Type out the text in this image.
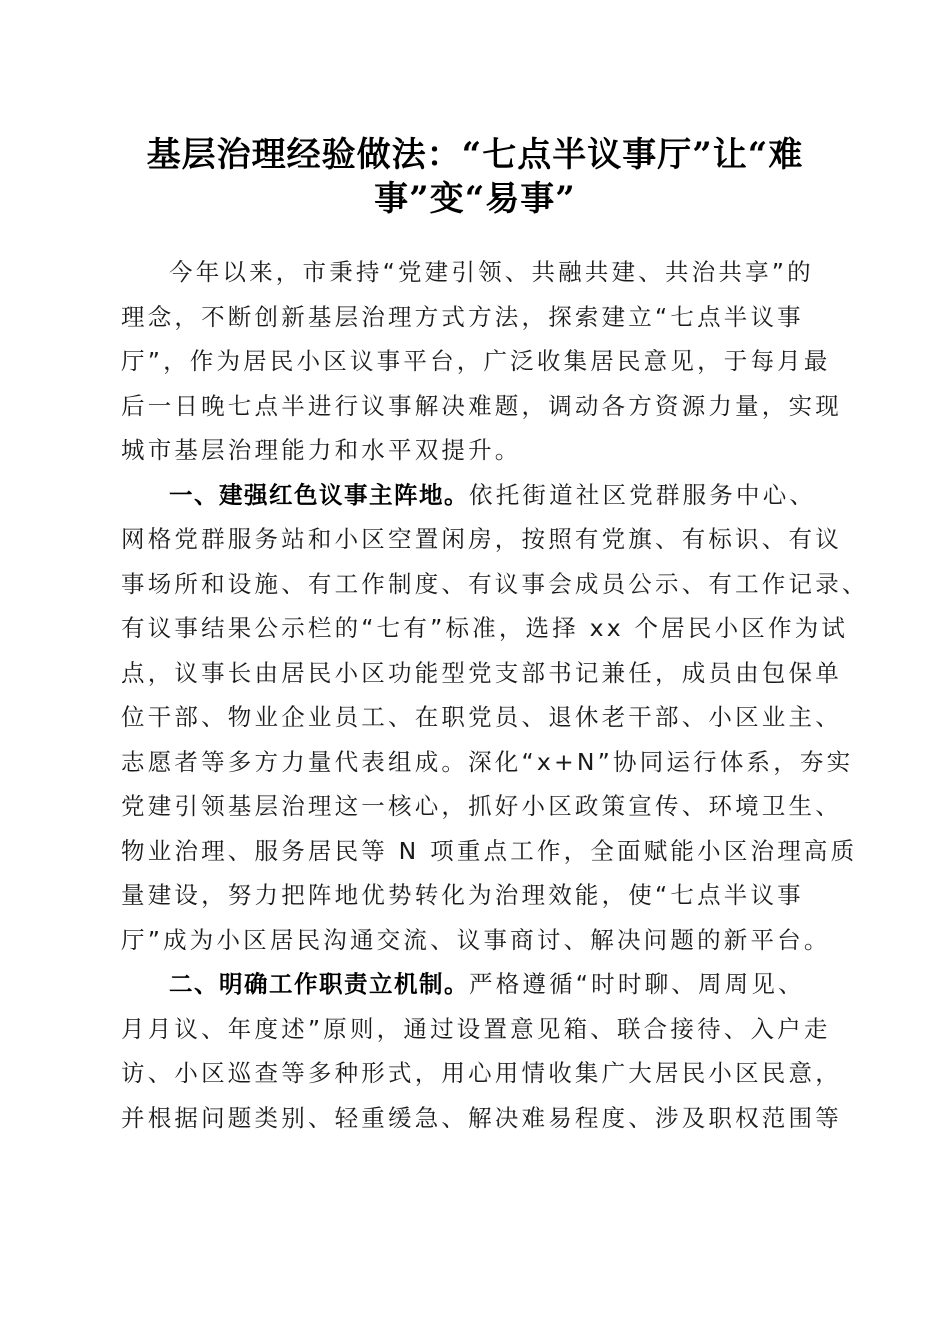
基层治理经验做法：“七点半议事厅”让“难
事”变“易事”
今年以来，市秉持“党建引领、共融共建、共治共享”的
理念，不断创新基层治理方式方法，探索建立“七点半议事
厅”，作为居民小区议事平台，广泛收集居民意见，于每月最
后一日晚七点半进行议事解决难题，调动各方资源力量，实现
城市基层治理能力和水平双提升。
一、建强红色议事主阵地。依托街道社区党群服务中心、
网格党群服务站和小区空置闲房，按照有党旗、有标识、有议
事场所和设施、有工作制度、有议事会成员公示、有工作记录、
有议事结果公示栏的“七有”标准，选择 xx 个居民小区作为试
点，议事长由居民小区功能型党支部书记兼任，成员由包保单
位干部、物业企业员工、在职党员、退休老干部、小区业主、
志愿者等多方力量代表组成。深化“x+N”协同运行体系，夯实
党建引领基层治理这一核心，抓好小区政策宣传、环境卫生、
物业治理、服务居民等 N 项重点工作，全面赋能小区治理高质
量建设，努力把阵地优势转化为治理效能，使“七点半议事
厅”成为小区居民沟通交流、议事商讨、解决问题的新平台。
二、明确工作职责立机制。严格遵循“时时聊、周周见、
月月议、年度述”原则，通过设置意见箱、联合接待、入户走
访、小区巡查等多种形式，用心用情收集广大居民小区民意，
并根据问题类别、轻重缓急、解决难易程度、涉及职权范围等
